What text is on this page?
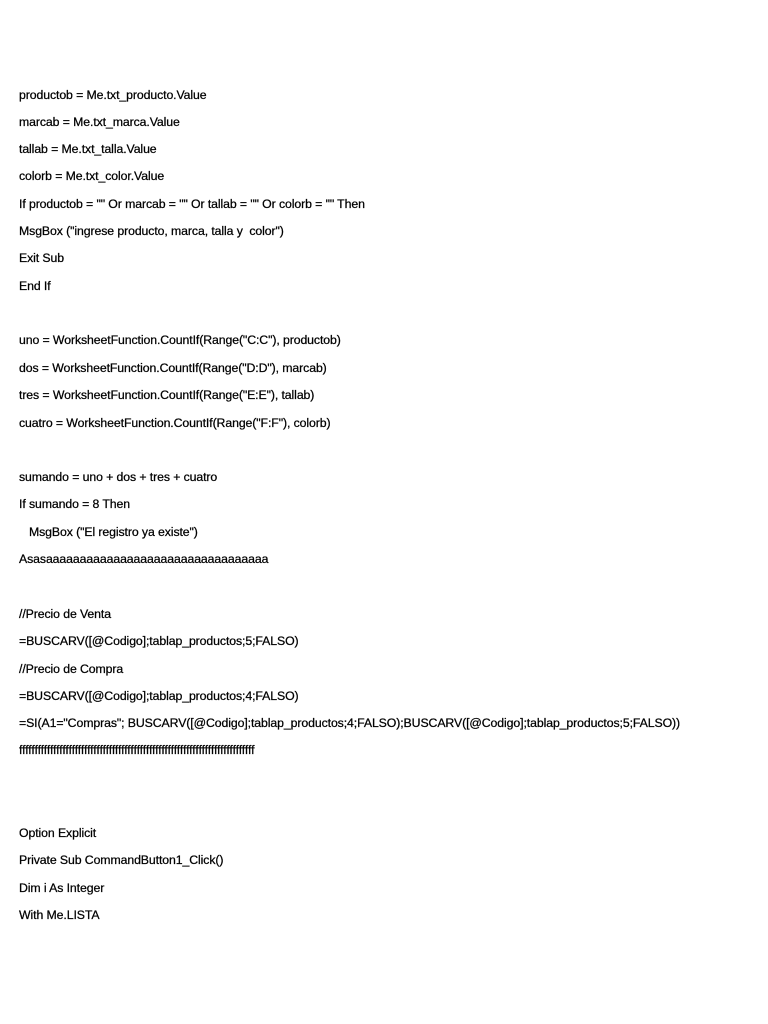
productob = Me.txt_producto.Value
marcab = Me.txt_marca.Value
tallab = Me.txt_talla.Value
colorb = Me.txt_color.Value
If productob = "" Or marcab = "" Or tallab = "" Or colorb = "" Then
MsgBox ("ingrese producto, marca, talla y  color")
Exit Sub
End If
uno = WorksheetFunction.CountIf(Range("C:C"), productob)
dos = WorksheetFunction.CountIf(Range("D:D"), marcab)
tres = WorksheetFunction.CountIf(Range("E:E"), tallab)
cuatro = WorksheetFunction.CountIf(Range("F:F"), colorb)
sumando = uno + dos + tres + cuatro
If sumando = 8 Then
MsgBox ("El registro ya existe")
Asasaaaaaaaaaaaaaaaaaaaaaaaaaaaaaaaaa
//Precio de Venta
=BUSCARV([@Codigo];tablap_productos;5;FALSO)
//Precio de Compra
=BUSCARV([@Codigo];tablap_productos;4;FALSO)
=SI(A1="Compras"; BUSCARV([@Codigo];tablap_productos;4;FALSO);BUSCARV([@Codigo];tablap_productos;5;FALSO))
ffffffffffffffffffffffffffffffffffffffffffffffffffffffffffffffffffffffffffff
Option Explicit
Private Sub CommandButton1_Click()
Dim i As Integer
With Me.LISTA
